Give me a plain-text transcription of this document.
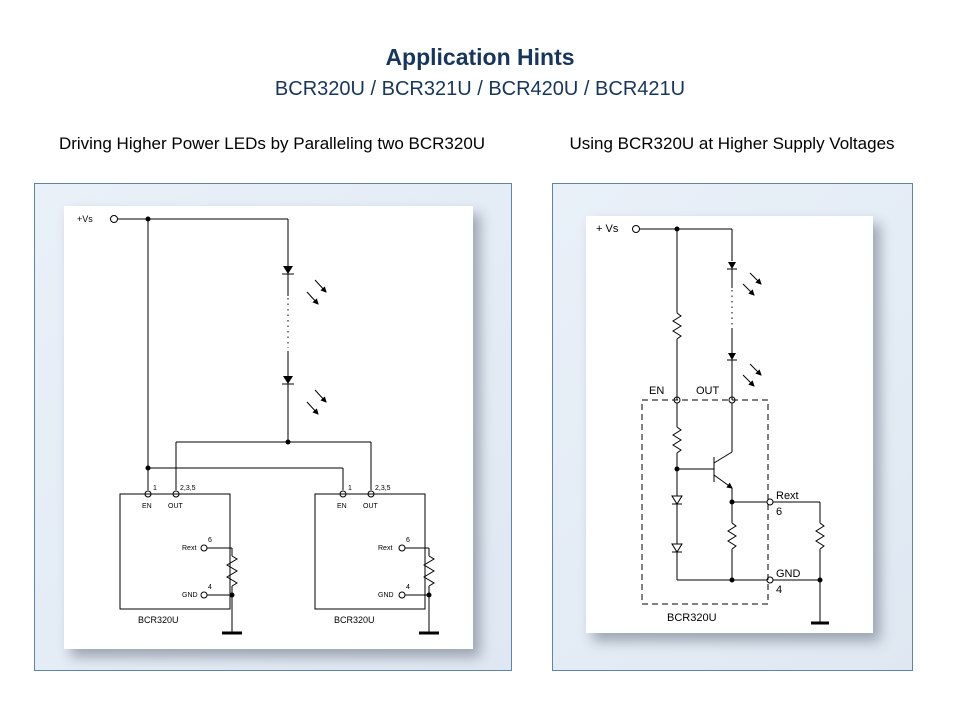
Application Hints
BCR320U / BCR321U / BCR420U / BCR421U
Driving Higher Power LEDs by Paralleling two BCR320U	Using BCR320U at Higher Supply Voltages
+Vs
1	2,3,5
EN OUT
6
Rext
4
GND
BCR320U
1	2,3,5
EN OUT
6
Rext
4
GND
BCR320U
+ Vs
EN	OUT
BCR320U
Rext
6
GND
4
